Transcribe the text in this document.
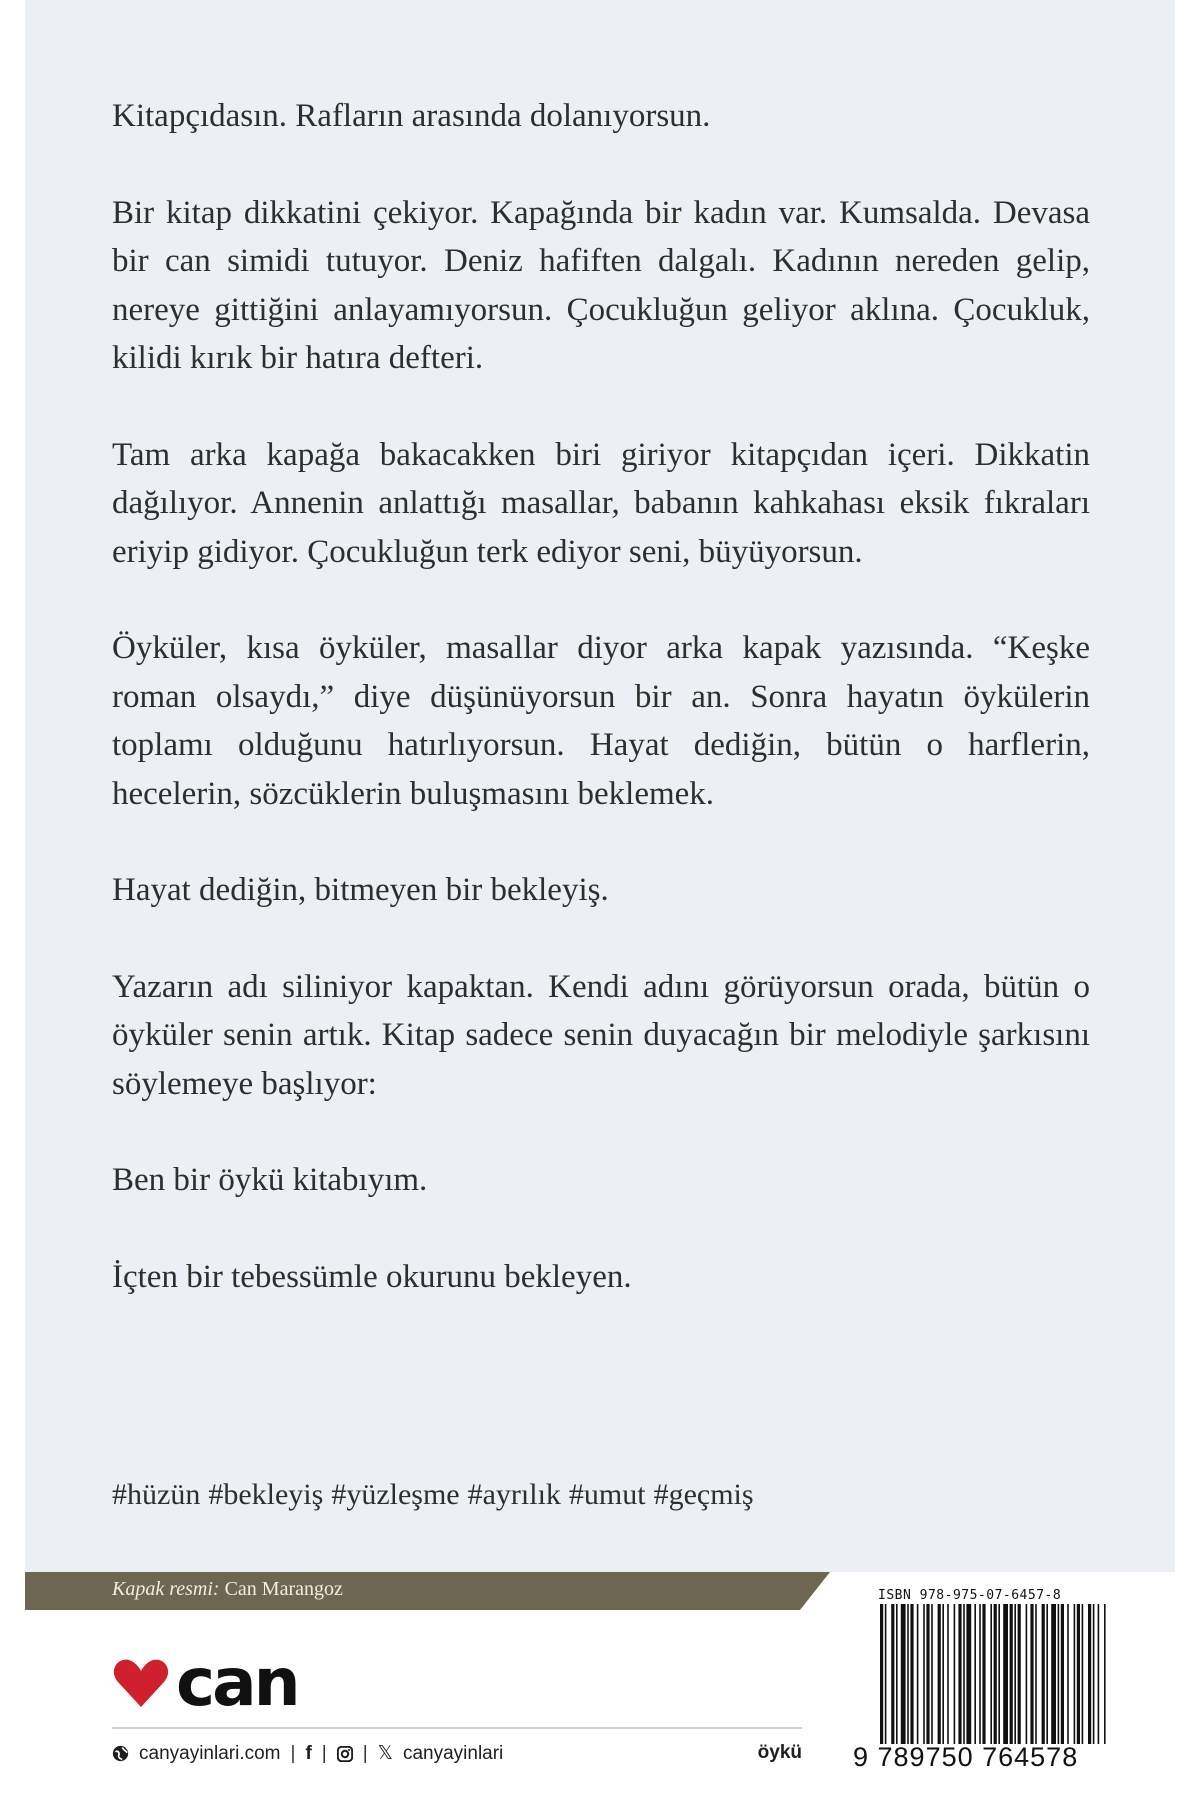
Kitapçıdasın. Rafların arasında dolanıyorsun.

Bir kitap dikkatini çekiyor. Kapağında bir kadın var. Kumsalda. Devasa bir can simidi tutuyor. Deniz hafiften dalgalı. Kadının nereden gelip, nereye gittiğini anlayamıyorsun. Çocukluğun geliyor aklına. Çocukluk, kilidi kırık bir hatıra defteri.

Tam arka kapağa bakacakken biri giriyor kitapçıdan içeri. Dikkatin dağılıyor. Annenin anlattığı masallar, babanın kahkahası eksik fıkraları eriyip gidiyor. Çocukluğun terk ediyor seni, büyüyorsun.

Öyküler, kısa öyküler, masallar diyor arka kapak yazısında. “Keşke roman olsaydı,” diye düşünüyorsun bir an. Sonra hayatın öykülerin toplamı olduğunu hatırlıyorsun. Hayat dediğin, bütün o harflerin, hecelerin, sözcüklerin buluşmasını beklemek.

Hayat dediğin, bitmeyen bir bekleyiş.

Yazarın adı siliniyor kapaktan. Kendi adını görüyorsun orada, bütün o öyküler senin artık. Kitap sadece senin duyacağın bir melodiyle şarkısını söylemeye başlıyor:

Ben bir öykü kitabıyım.

İçten bir tebessümle okurunu bekleyen.

#hüzün #bekleyiş #yüzleşme #ayrılık #umut #geçmiş
Kapak resmi: Can Marangoz
can
canyayinlari.com | f | | 𝕏 canyayinlari	öykü
ISBN 978-975-07-6457-8
9 789750 764578
